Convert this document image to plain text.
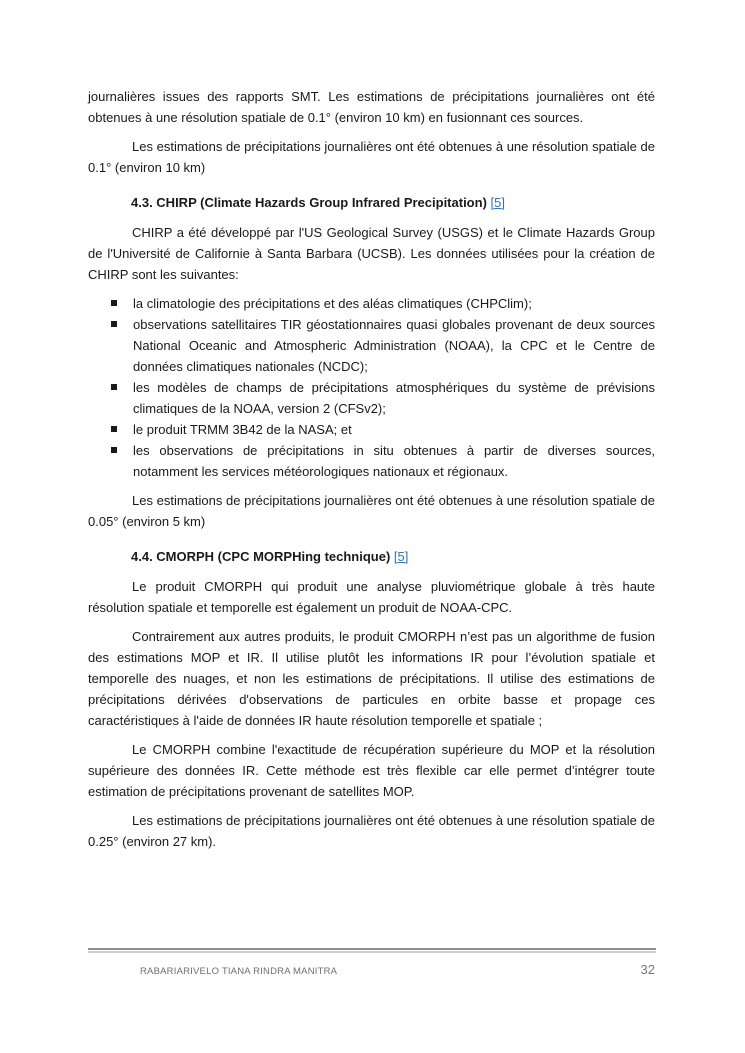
journalières issues des rapports SMT. Les estimations de précipitations journalières ont été obtenues à une résolution spatiale de 0.1° (environ 10 km) en fusionnant ces sources.

Les estimations de précipitations journalières ont été obtenues à une résolution spatiale de 0.1° (environ 10 km)

4.3. CHIRP (Climate Hazards Group Infrared Precipitation) [5]

CHIRP a été développé par l'US Geological Survey (USGS) et le Climate Hazards Group de l'Université de Californie à Santa Barbara (UCSB). Les données utilisées pour la création de CHIRP sont les suivantes:

la climatologie des précipitations et des aléas climatiques (CHPClim);
observations satellitaires TIR géostationnaires quasi globales provenant de deux sources National Oceanic and Atmospheric Administration (NOAA), la CPC et le Centre de données climatiques nationales (NCDC);
les modèles de champs de précipitations atmosphériques du système de prévisions climatiques de la NOAA, version 2 (CFSv2);
le produit TRMM 3B42 de la NASA; et
les observations de précipitations in situ obtenues à partir de diverses sources, notamment les services météorologiques nationaux et régionaux.

Les estimations de précipitations journalières ont été obtenues à une résolution spatiale de 0.05° (environ 5 km)

4.4. CMORPH (CPC MORPHing technique) [5]

Le produit CMORPH qui produit une analyse pluviométrique globale à très haute résolution spatiale et temporelle est également un produit de NOAA-CPC.

Contrairement aux autres produits, le produit CMORPH n’est pas un algorithme de fusion des estimations MOP et IR. Il utilise plutôt les informations IR pour l’évolution spatiale et temporelle des nuages, et non les estimations de précipitations. Il utilise des estimations de précipitations dérivées d'observations de particules en orbite basse et propage ces caractéristiques à l'aide de données IR haute résolution temporelle et spatiale ;

Le CMORPH combine l'exactitude de récupération supérieure du MOP et la résolution supérieure des données IR. Cette méthode est très flexible car elle permet d’intégrer toute estimation de précipitations provenant de satellites MOP.

Les estimations de précipitations journalières ont été obtenues à une résolution spatiale de 0.25° (environ 27 km).

RABARIARIVELO TIANA RINDRA MANITRA	32
